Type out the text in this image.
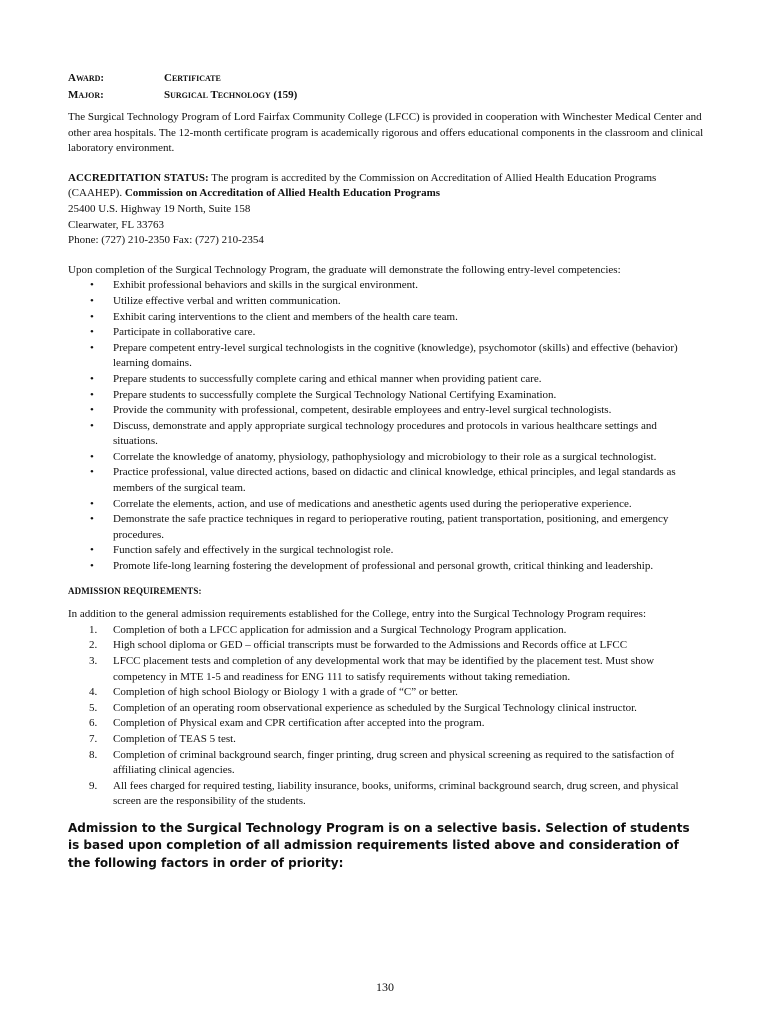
Award:	Certificate
Major:	Surgical Technology (159)

The Surgical Technology Program of Lord Fairfax Community College (LFCC) is provided in cooperation with Winchester Medical Center and other area hospitals. The 12-month certificate program is academically rigorous and offers educational components in the classroom and clinical laboratory environment.

ACCREDITATION STATUS: The program is accredited by the Commission on Accreditation of Allied Health Education Programs (CAAHEP). Commission on Accreditation of Allied Health Education Programs

25400 U.S. Highway 19 North, Suite 158

Clearwater, FL 33763

Phone: (727) 210-2350 Fax: (727) 210-2354

Upon completion of the Surgical Technology Program, the graduate will demonstrate the following entry-level competencies:

• Exhibit professional behaviors and skills in the surgical environment.
• Utilize effective verbal and written communication.
• Exhibit caring interventions to the client and members of the health care team.
• Participate in collaborative care.
• Prepare competent entry-level surgical technologists in the cognitive (knowledge), psychomotor (skills) and effective (behavior) learning domains.
• Prepare students to successfully complete caring and ethical manner when providing patient care.
• Prepare students to successfully complete the Surgical Technology National Certifying Examination.
• Provide the community with professional, competent, desirable employees and entry-level surgical technologists.
• Discuss, demonstrate and apply appropriate surgical technology procedures and protocols in various healthcare settings and situations.
• Correlate the knowledge of anatomy, physiology, pathophysiology and microbiology to their role as a surgical technologist.
• Practice professional, value directed actions, based on didactic and clinical knowledge, ethical principles, and legal standards as members of the surgical team.
• Correlate the elements, action, and use of medications and anesthetic agents used during the perioperative experience.
• Demonstrate the safe practice techniques in regard to perioperative routing, patient transportation, positioning, and emergency procedures.
• Function safely and effectively in the surgical technologist role.
• Promote life-long learning fostering the development of professional and personal growth, critical thinking and leadership.

ADMISSION REQUIREMENTS:

In addition to the general admission requirements established for the College, entry into the Surgical Technology Program requires:

1. Completion of both a LFCC application for admission and a Surgical Technology Program application.
2. High school diploma or GED – official transcripts must be forwarded to the Admissions and Records office at LFCC
3. LFCC placement tests and completion of any developmental work that may be identified by the placement test. Must show competency in MTE 1-5 and readiness for ENG 111 to satisfy requirements without taking remediation.
4. Completion of high school Biology or Biology 1 with a grade of “C” or better.
5. Completion of an operating room observational experience as scheduled by the Surgical Technology clinical instructor.
6. Completion of Physical exam and CPR certification after accepted into the program.
7. Completion of TEAS 5 test.
8. Completion of criminal background search, finger printing, drug screen and physical screening as required to the satisfaction of affiliating clinical agencies.
9. All fees charged for required testing, liability insurance, books, uniforms, criminal background search, drug screen, and physical screen are the responsibility of the students.

Admission to the Surgical Technology Program is on a selective basis. Selection of students is based upon completion of all admission requirements listed above and consideration of the following factors in order of priority:

130
